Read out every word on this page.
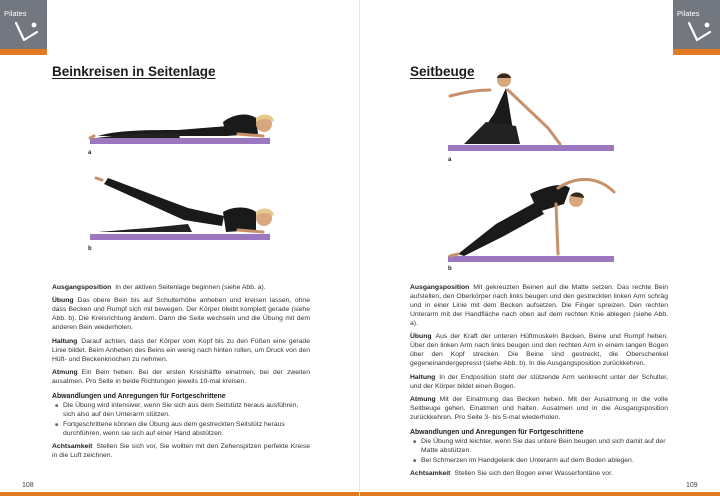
Pilates
Beinkreisen in Seitenlage
a
b

Ausgangsposition In der aktiven Seitenlage beginnen (siehe Abb. a).

Übung Das obere Bein bis auf Schulterhöhe anheben und kreisen lassen, ohne dass Becken und Rumpf sich mit bewegen. Der Körper bleibt komplett gerade (siehe Abb. b). Die Kreisrichtung ändern. Dann die Seite wechseln und die Übung mit dem anderen Bein wiederholen.

Haltung Darauf achten, dass der Körper vom Kopf bis zu den Füßen eine gerade Linie bildet. Beim Anheben des Beins ein wenig nach hinten rollen, um Druck von den Hüft- und Beckenknochen zu nehmen.

Atmung Ein Bein heben. Bei der ersten Kreishälfte einatmen, bei der zweiten ausatmen. Pro Seite in beide Richtungen jeweils 10-mal kreisen.

Abwandlungen und Anregungen für Fortgeschrittene
■ Die Übung wird intensiver, wenn Sie sich aus dem Seitstütz heraus ausführen, sich also auf den Unterarm stützen.
■ Fortgeschrittene können die Übung aus dem gestreckten Seitstütz heraus durchführen, wenn sie sich auf einer Hand abstützen.

Achtsamkeit Stellen Sie sich vor, Sie wollten mit den Zehenspitzen perfekte Kreise in die Luft zeichnen.

108
Pilates
Seitbeuge
a
b

Ausgangsposition Mit gekreuzten Beinen auf die Matte setzen. Das rechte Bein aufstellen, den Oberkörper nach links beugen und den gestreckten linken Arm schräg und in einer Linie mit dem Becken aufsetzen. Die Finger spreizen. Den rechten Unterarm mit der Handfläche nach oben auf dem rechten Knie ablegen (siehe Abb. a).

Übung Aus der Kraft der unteren Hüftmuskeln Becken, Beine und Rumpf heben. Über den linken Arm nach links beugen und den rechten Arm in einem langen Bogen über den Kopf strecken. Die Beine sind gestreckt, die Oberschenkel gegeneinandergepresst (siehe Abb. b). In die Ausgangsposition zurückkehren.

Haltung In der Endposition steht der stützende Arm senkrecht unter der Schulter, und der Körper bildet einen Bogen.

Atmung Mit der Einatmung das Becken heben. Mit der Ausatmung in die volle Seitbeuge gehen. Einatmen und halten. Ausatmen und in die Ausgangsposition zurückkehren. Pro Seite 3- bis 5-mal wiederholen.

Abwandlungen und Anregungen für Fortgeschrittene
■ Die Übung wird leichter, wenn Sie das untere Bein beugen und sich damit auf der Matte abstützen.
■ Bei Schmerzen im Handgelenk den Unterarm auf dem Boden ablegen.

Achtsamkeit Stellen Sie sich den Bogen einer Wasserfontäne vor.

109
